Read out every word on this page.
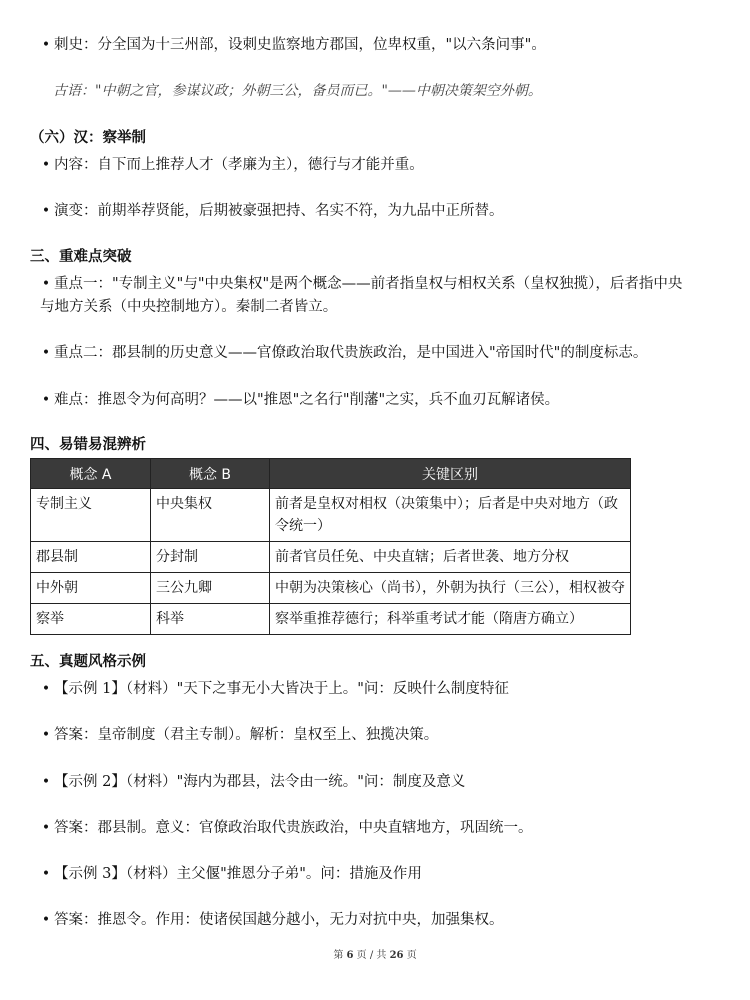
• 刺史：分全国为十三州部，设刺史监察地方郡国，位卑权重，"以六条问事"。
古语："中朝之官，参谋议政；外朝三公，备员而已。"——中朝决策架空外朝。
（六）汉：察举制
• 内容：自下而上推荐人才（孝廉为主），德行与才能并重。
• 演变：前期举荐贤能，后期被豪强把持、名实不符，为九品中正所替。
三、重难点突破
• 重点一："专制主义"与"中央集权"是两个概念——前者指皇权与相权关系（皇权独揽），后者指中央
与地方关系（中央控制地方）。秦制二者皆立。
• 重点二：郡县制的历史意义——官僚政治取代贵族政治，是中国进入"帝国时代"的制度标志。
• 难点：推恩令为何高明？——以"推恩"之名行"削藩"之实，兵不血刃瓦解诸侯。
四、易错易混辨析
概念 A	概念 B	关键区别
专制主义	中央集权	前者是皇权对相权（决策集中）；后者是中央对地方（政令统一）
郡县制	分封制	前者官员任免、中央直辖；后者世袭、地方分权
中外朝	三公九卿	中朝为决策核心（尚书），外朝为执行（三公），相权被夺
察举	科举	察举重推荐德行；科举重考试才能（隋唐方确立）
五、真题风格示例
• 【示例 1】（材料）"天下之事无小大皆决于上。"问：反映什么制度特征
• 答案：皇帝制度（君主专制）。解析：皇权至上、独揽决策。
• 【示例 2】（材料）"海内为郡县，法令由一统。"问：制度及意义
• 答案：郡县制。意义：官僚政治取代贵族政治，中央直辖地方，巩固统一。
• 【示例 3】（材料）主父偃"推恩分子弟"。问：措施及作用
• 答案：推恩令。作用：使诸侯国越分越小，无力对抗中央，加强集权。
第 6 页 / 共 26 页
